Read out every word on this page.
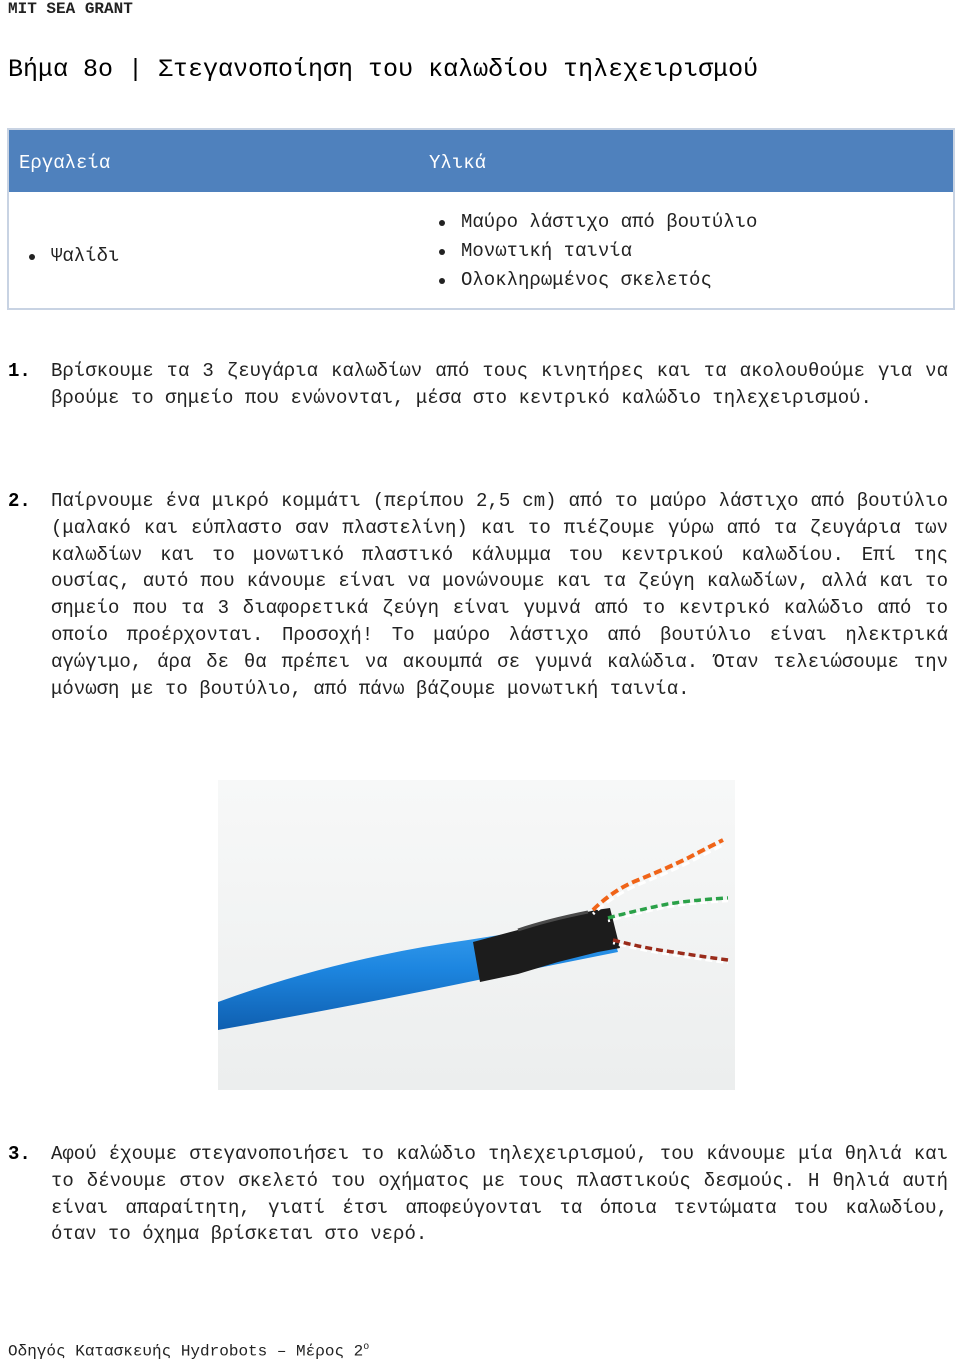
MIT SEA GRANT
Βήμα 8ο | Στεγανοποίηση του καλωδίου τηλεχειρισμού
Εργαλεία	Υλικά
Ψαλίδι
Μαύρο λάστιχο από βουτύλιο
Μονωτική ταινία
Ολοκληρωμένος σκελετός
1. Βρίσκουμε τα 3 ζευγάρια καλωδίων από τους κινητήρες και τα ακολουθούμε για να βρούμε το σημείο που ενώνονται, μέσα στο κεντρικό καλώδιο τηλεχειρισμού.
2. Παίρνουμε ένα μικρό κομμάτι (περίπου 2,5 cm) από το μαύρο λάστιχο από βουτύλιο (μαλακό και εύπλαστο σαν πλαστελίνη) και το πιέζουμε γύρω από τα ζευγάρια των καλωδίων και το μονωτικό πλαστικό κάλυμμα του κεντρικού καλωδίου. Επί της ουσίας, αυτό που κάνουμε είναι να μονώνουμε και τα ζεύγη καλωδίων, αλλά και το σημείο που τα 3 διαφορετικά ζεύγη είναι γυμνά από το κεντρικό καλώδιο από το οποίο προέρχονται. Προσοχή! Το μαύρο λάστιχο από βουτύλιο είναι ηλεκτρικά αγώγιμο, άρα δε θα πρέπει να ακουμπά σε γυμνά καλώδια. Όταν τελειώσουμε την μόνωση με το βουτύλιο, από πάνω βάζουμε μονωτική ταινία.
3. Αφού έχουμε στεγανοποιήσει το καλώδιο τηλεχειρισμού, του κάνουμε μία θηλιά και το δένουμε στον σκελετό του οχήματος με τους πλαστικούς δεσμούς. Η θηλιά αυτή είναι απαραίτητη, γιατί έτσι αποφεύγονται τα όποια τεντώματα του καλωδίου, όταν το όχημα βρίσκεται στο νερό.
Οδηγός Κατασκευής Hydrobots – Μέρος $2^o$
